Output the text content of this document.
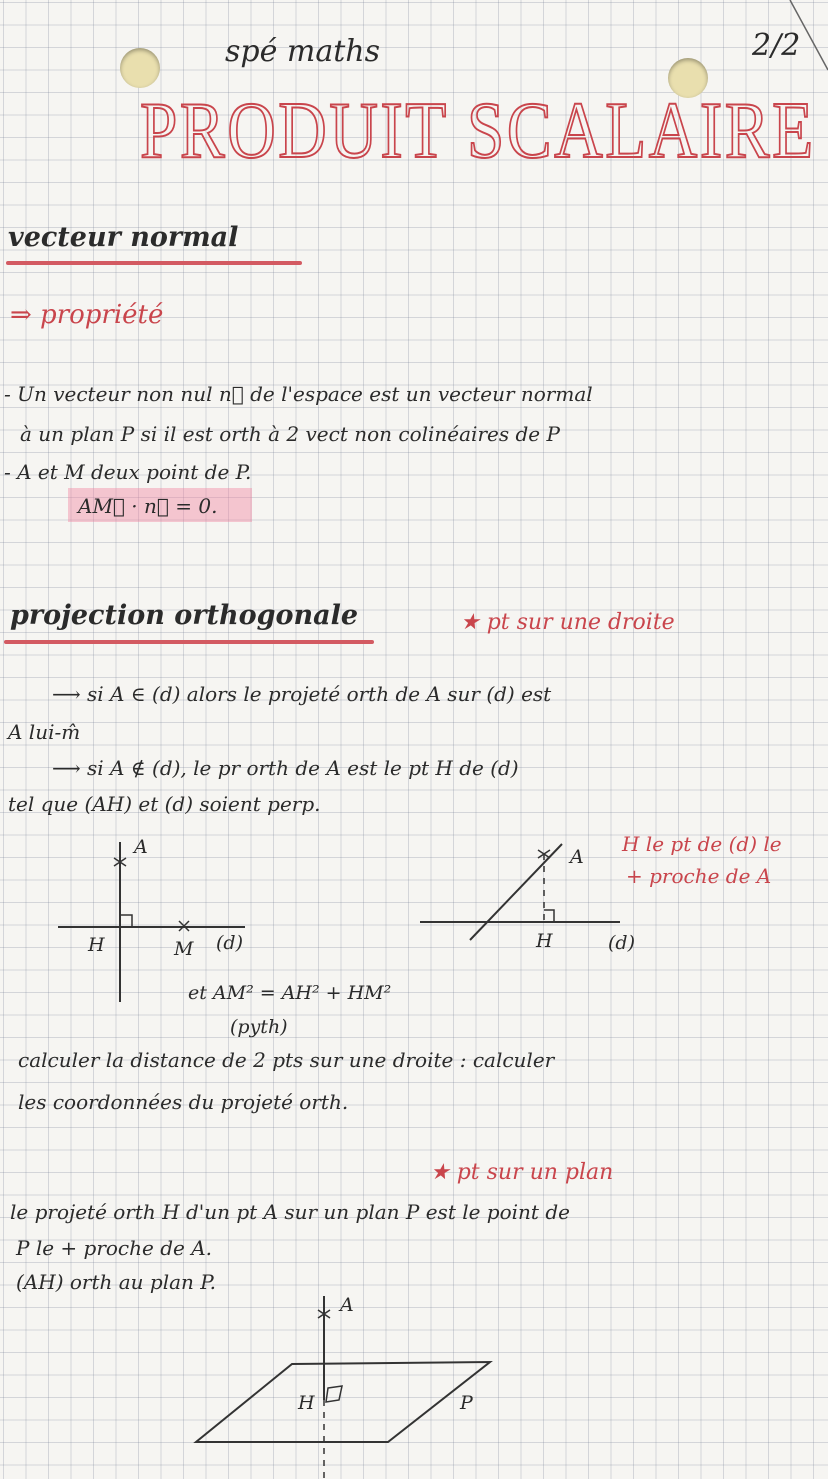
spé maths	2/2
PRODUIT SCALAIRE
vecteur normal
⇒ propriété
- Un vecteur non nul n⃗ de l'espace est un vecteur normal
à un plan P si il est orth à 2 vect non colinéaires de P
- A et M deux point de P.
AM⃗ · n⃗ = 0.
projection orthogonale	★ pt sur une droite
⟶ si A ∈ (d) alors le projeté orth de A sur (d) est
A lui-m̂
⟶ si A ∉ (d), le pr orth de A est le pt H de (d)
tel que (AH) et (d) soient perp.
H le pt de (d) le
+ proche de A
A
H	M (d)
A
H	(d)
et AM² = AH² + HM²
(pyth)
calculer la distance de 2 pts sur une droite : calculer
les coordonnées du projeté orth.
★ pt sur un plan
le projeté orth H d'un pt A sur un plan P est le point de
P le + proche de A.
(AH) orth au plan P.
A
H	P
